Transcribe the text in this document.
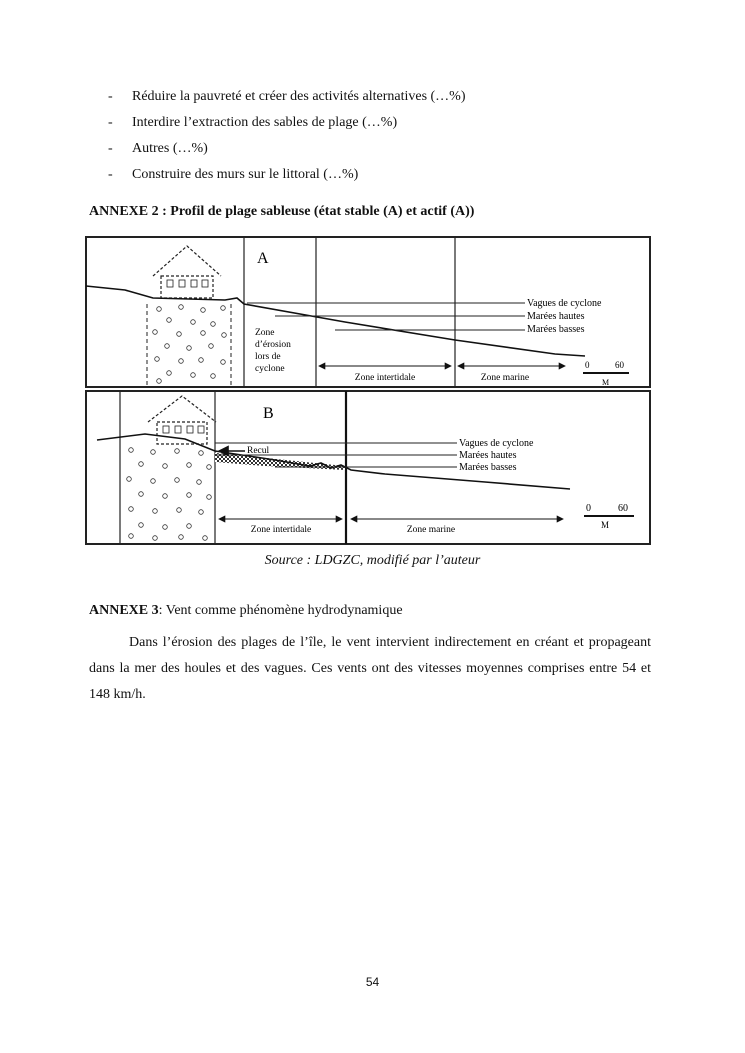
-	Réduire la pauvreté et créer des activités alternatives (…%)
-	Interdire l’extraction des sables de plage (…%)
-	Autres (…%)
-	Construire des murs sur le littoral (…%)
ANNEXE 2 : Profil de plage sableuse (état stable (A) et actif (A))
A
Vagues de cyclone
Marées hautes
Marées basses
Zone
d’érosion
lors de
cyclone
Zone intertidale	Zone marine
0	60
M
B
Vagues de cyclone
Marées hautes
Marées basses
Recul
Zone intertidale	Zone marine
0	60
M
Source : LDGZC, modifié par l’auteur
ANNEXE 3: Vent comme phénomène hydrodynamique

Dans l’érosion des plages de l’île, le vent intervient indirectement en créant et propageant dans la mer des houles et des vagues. Ces vents ont des vitesses moyennes comprises entre 54 et 148 km/h.

54
